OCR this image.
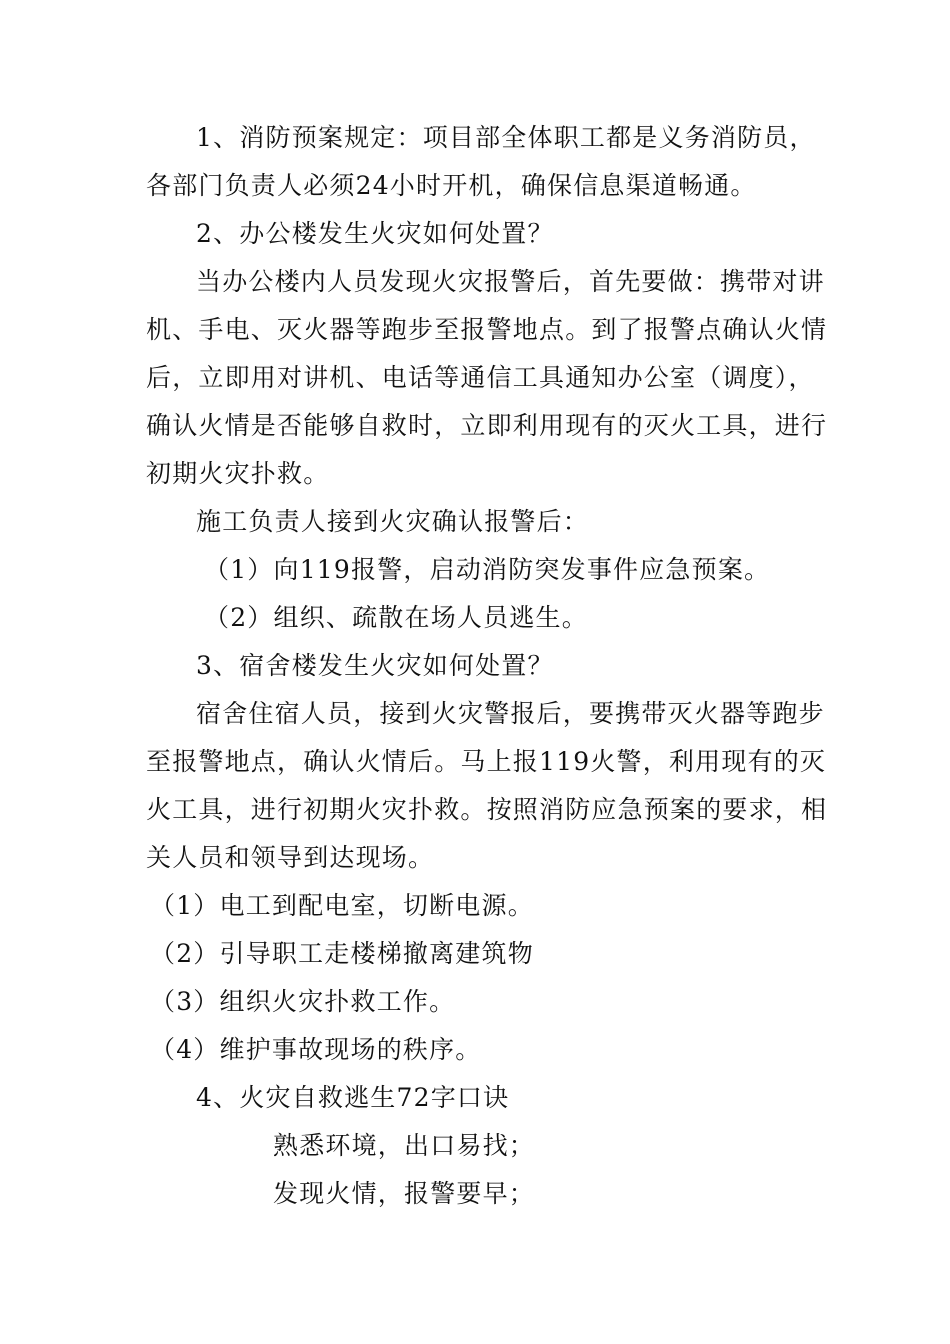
1、消防预案规定：项目部全体职工都是义务消防员，
各部门负责人必须24小时开机，确保信息渠道畅通。
2、办公楼发生火灾如何处置？
当办公楼内人员发现火灾报警后，首先要做：携带对讲
机、手电、灭火器等跑步至报警地点。到了报警点确认火情
后，立即用对讲机、电话等通信工具通知办公室（调度），
确认火情是否能够自救时，立即利用现有的灭火工具，进行
初期火灾扑救。
施工负责人接到火灾确认报警后：
（1）向119报警，启动消防突发事件应急预案。
（2）组织、疏散在场人员逃生。
3、宿舍楼发生火灾如何处置？
宿舍住宿人员，接到火灾警报后，要携带灭火器等跑步
至报警地点，确认火情后。马上报119火警，利用现有的灭
火工具，进行初期火灾扑救。按照消防应急预案的要求，相
关人员和领导到达现场。
（1）电工到配电室，切断电源。
（2）引导职工走楼梯撤离建筑物
（3）组织火灾扑救工作。
（4）维护事故现场的秩序。
4、火灾自救逃生72字口诀
熟悉环境，出口易找；
发现火情，报警要早；
